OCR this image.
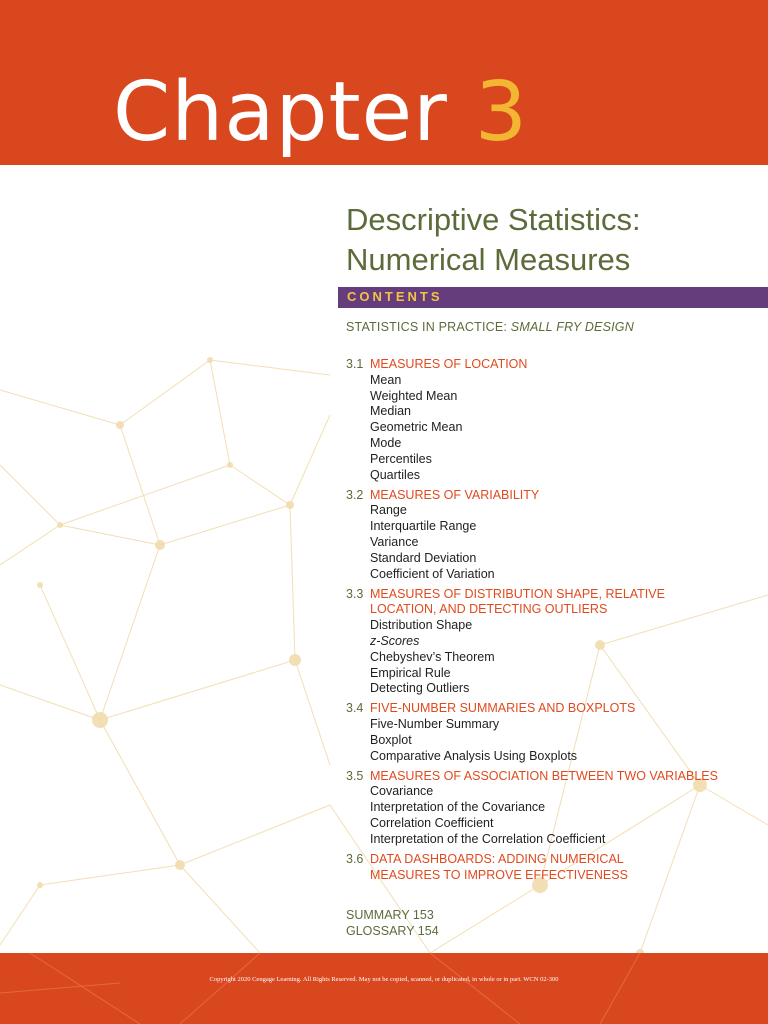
Chapter 3
Descriptive Statistics:
Numerical Measures
CONTENTS
STATISTICS IN PRACTICE: SMALL FRY DESIGN
3.1 MEASURES OF LOCATION
Mean
Weighted Mean
Median
Geometric Mean
Mode
Percentiles
Quartiles
3.2 MEASURES OF VARIABILITY
Range
Interquartile Range
Variance
Standard Deviation
Coefficient of Variation
3.3 MEASURES OF DISTRIBUTION SHAPE, RELATIVE
LOCATION, AND DETECTING OUTLIERS
Distribution Shape
z-Scores
Chebyshev’s Theorem
Empirical Rule
Detecting Outliers
3.4 FIVE-NUMBER SUMMARIES AND BOXPLOTS
Five-Number Summary
Boxplot
Comparative Analysis Using Boxplots
3.5 MEASURES OF ASSOCIATION BETWEEN TWO VARIABLES
Covariance
Interpretation of the Covariance
Correlation Coefficient
Interpretation of the Correlation Coefficient
3.6 DATA DASHBOARDS: ADDING NUMERICAL
MEASURES TO IMPROVE EFFECTIVENESS
SUMMARY 153
GLOSSARY 154
Copyright 2020 Cengage Learning. All Rights Reserved. May not be copied, scanned, or duplicated, in whole or in part. WCN 02-300
